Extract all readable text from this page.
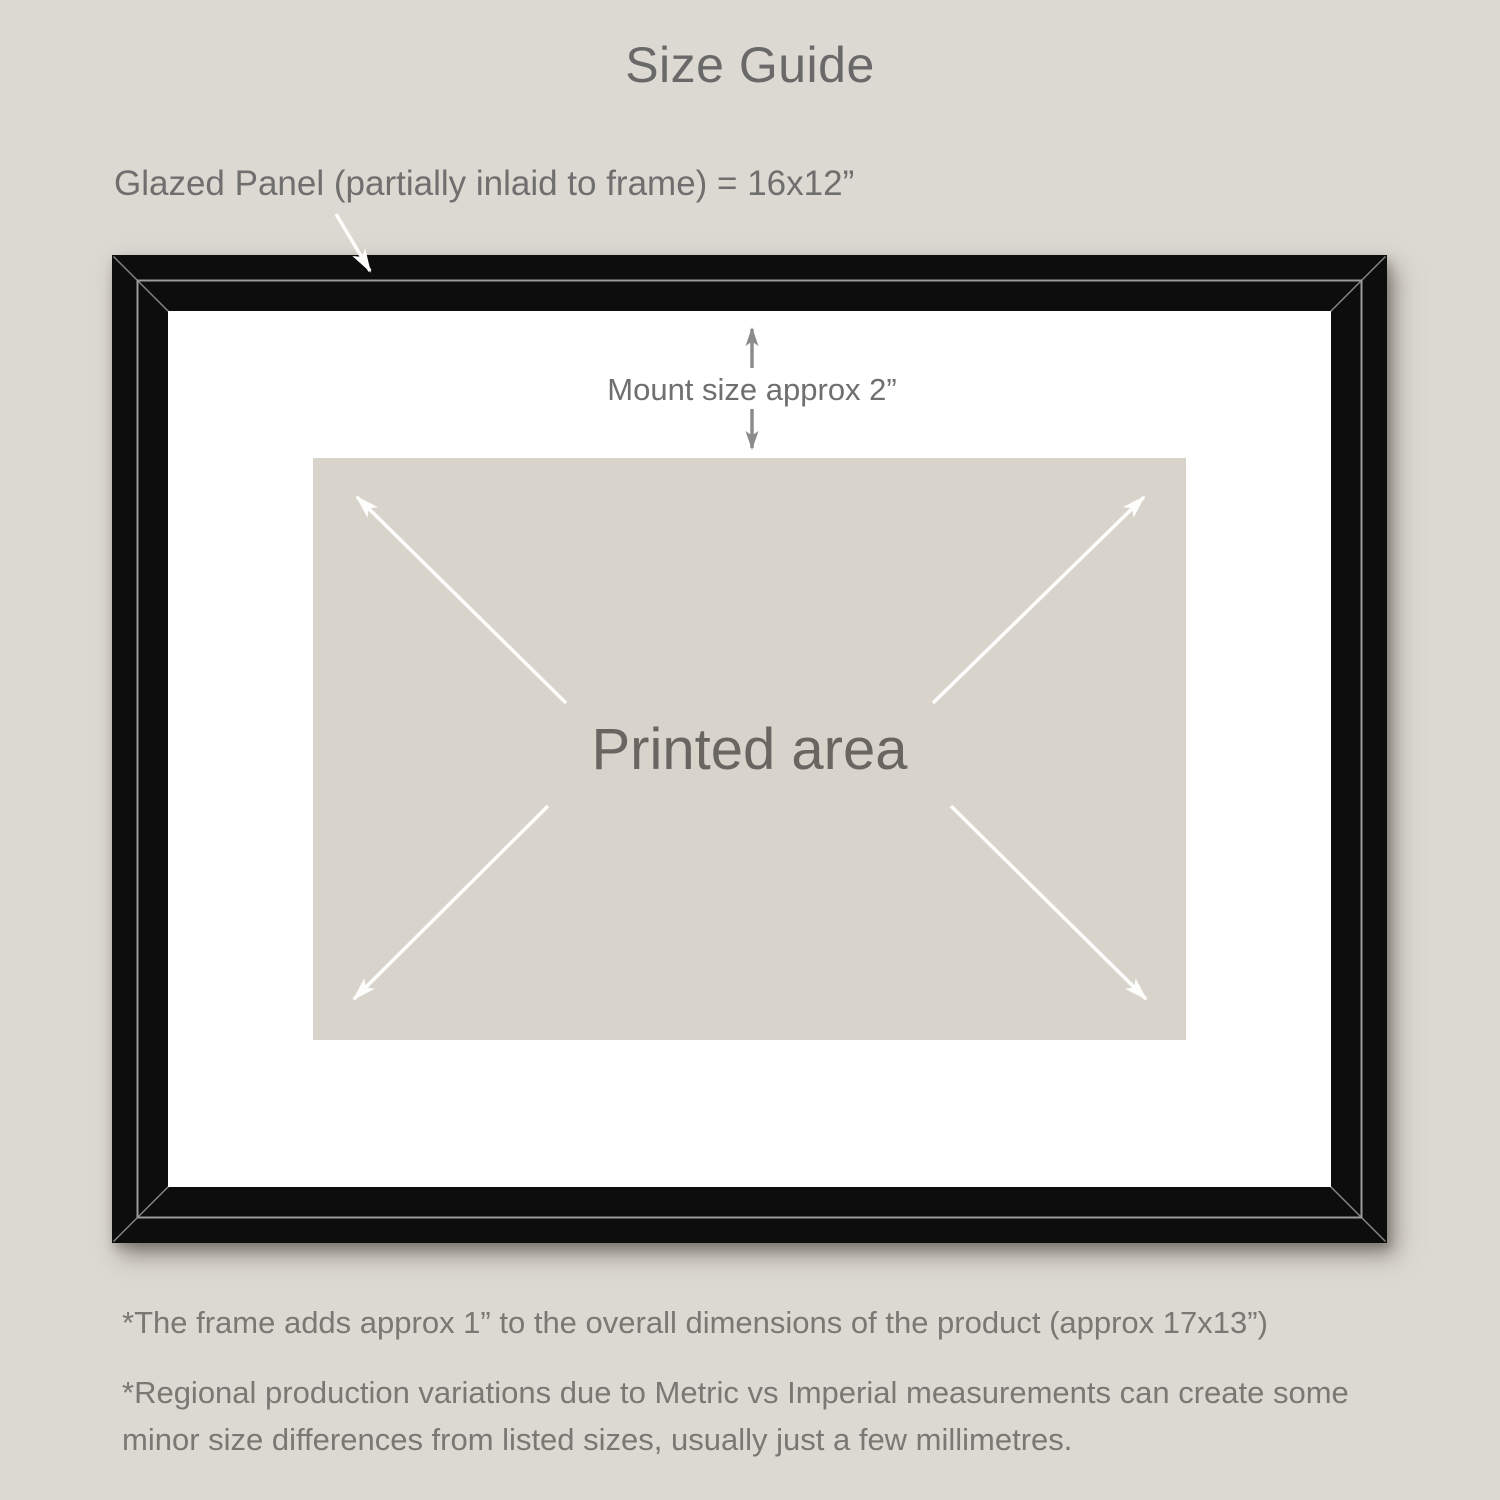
Size Guide
Glazed Panel (partially inlaid to frame) = 16x12”
Printed area
Mount size approx 2”
*The frame adds approx 1” to the overall dimensions of the product (approx 17x13”)
*Regional production variations due to Metric vs Imperial measurements can create some
minor size differences from listed sizes, usually just a few millimetres.
